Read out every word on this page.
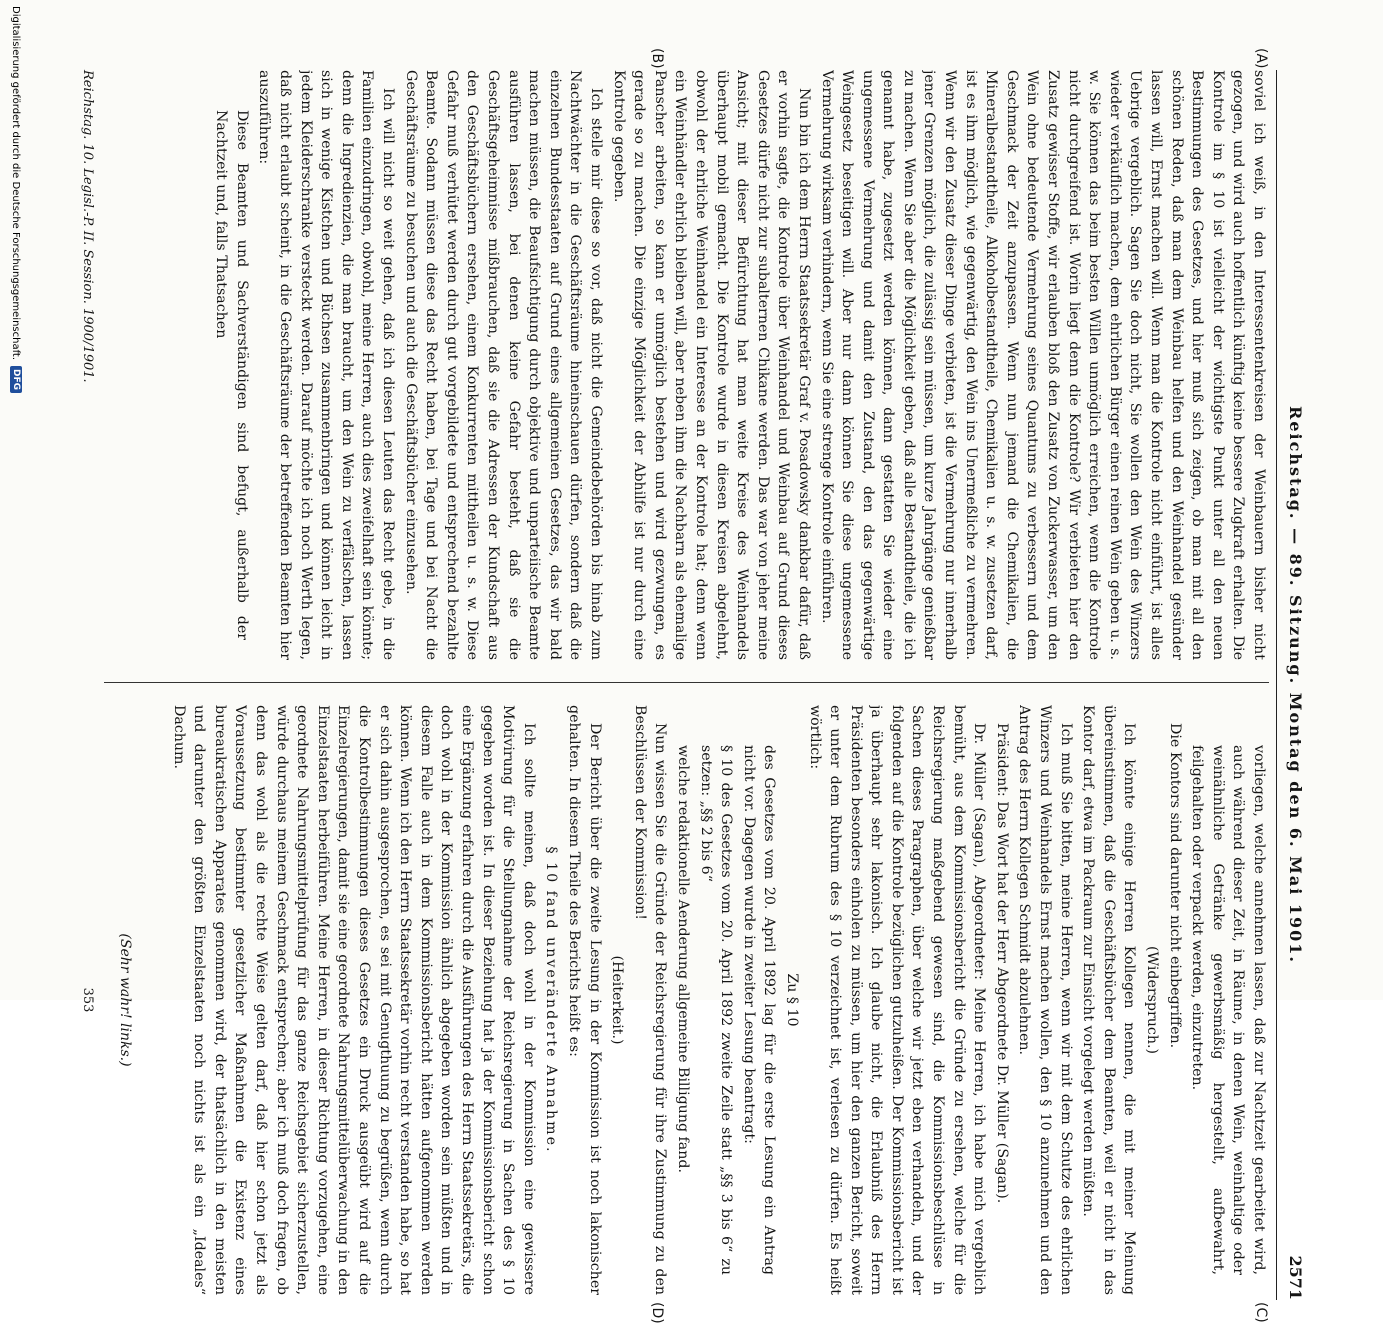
Reichstag. — 89. Sitzung. Montag den 6. Mai 1901.
2571
(A)
(B)
(C)
(D)

soviel ich weiß, in den Interessentenkreisen der Weinbauern bisher nicht gezogen, und wird auch hoffentlich künftig keine bessere Zugkraft erhalten. Die Kontrole im § 10 ist vielleicht der wichtigste Punkt unter all den neuen Bestimmungen des Gesetzes, und hier muß sich zeigen, ob man mit all den schönen Reden, daß man dem Weinbau helfen und den Weinhandel gesünder lassen will, Ernst machen will. Wenn man die Kontrole nicht einführt, ist alles Uebrige vergeblich. Sagen Sie doch nicht, Sie wollen den Wein des Winzers wieder verkäuflich machen, dem ehrlichen Bürger einen reinen Wein geben u. s. w. Sie können das beim besten Willen unmöglich erreichen, wenn die Kontrole nicht durchgreifend ist. Worin liegt denn die Kontrole? Wir verbieten hier den Zusatz gewisser Stoffe, wir erlauben bloß den Zusatz von Zuckerwasser, um den Wein ohne bedeutende Vermehrung seines Quantums zu verbessern und dem Geschmack der Zeit anzupassen. Wenn nun jemand die Chemikalien, die Mineralbestandtheile, Alkoholbestandtheile, Chemikalien u. s. w. zusetzen darf, ist es ihm möglich, wie gegenwärtig, den Wein ins Unermeßliche zu vermehren. Wenn wir den Zusatz dieser Dinge verbieten, ist die Vermehrung nur innerhalb jener Grenzen möglich, die zulässig sein müssen, um kurze Jahrgänge genießbar zu machen. Wenn Sie aber die Möglichkeit geben, daß alle Bestandtheile, die ich genannt habe, zugesetzt werden können, dann gestatten Sie wieder eine ungemessene Vermehrung und damit den Zustand, den das gegenwärtige Weingesetz beseitigen will. Aber nur dann können Sie diese ungemessene Vermehrung wirksam verhindern, wenn Sie eine strenge Kontrole einführen.

Nun bin ich dem Herrn Staatssekretär Graf v. Posadowsky dankbar dafür, daß er vorhin sagte, die Kontrole über Weinhandel und Weinbau auf Grund dieses Gesetzes dürfe nicht zur subalternen Chikane werden. Das war von jeher meine Ansicht; mit dieser Befürchtung hat man weite Kreise des Weinhandels überhaupt mobil gemacht. Die Kontrole wurde in diesen Kreisen abgelehnt, obwohl der ehrliche Weinhandel ein Interesse an der Kontrole hat; denn wenn ein Weinhändler ehrlich bleiben will, aber neben ihm die Nachbarn als ehemalige Panscher arbeiten, so kann er unmöglich bestehen und wird gezwungen, es gerade so zu machen. Die einzige Möglichkeit der Abhilfe ist nur durch eine Kontrole gegeben.

Ich stelle mir diese so vor, daß nicht die Gemeindebehörden bis hinab zum Nachtwächter in die Geschäftsräume hineinschauen dürfen, sondern daß die einzelnen Bundesstaaten auf Grund eines allgemeinen Gesetzes, das wir bald machen müssen, die Beaufsichtigung durch objektive und unparteiische Beamte ausführen lassen, bei denen keine Gefahr besteht, daß sie die Geschäftsgeheimnisse mißbrauchen, daß sie die Adressen der Kundschaft aus den Geschäftsbüchern ersehen, einem Konkurrenten mittheilen u. s. w. Diese Gefahr muß verhütet werden durch gut vorgebildete und entsprechend bezahlte Beamte. Sodann müssen diese das Recht haben, bei Tage und bei Nacht die Geschäftsräume zu besuchen und auch die Geschäftsbücher einzusehen.

Ich will nicht so weit gehen, daß ich diesen Leuten das Recht gebe, in die Familien einzudringen, obwohl, meine Herren, auch dies zweifelhaft sein könnte; denn die Ingredienzien, die man braucht, um den Wein zu verfälschen, lassen sich in wenige Kistchen und Büchsen zusammenbringen und können leicht in jedem Kleiderschranke versteckt werden. Darauf möchte ich noch Werth legen, daß nicht erlaubt scheint, in die Geschäftsräume der betreffenden Beamten hier auszuführen:

Diese Beamten und Sachverständigen sind befugt, außerhalb der Nachtzeit und, falls Thatsachen

vorliegen, welche annehmen lassen, daß zur Nachtzeit gearbeitet wird, auch während dieser Zeit, in Räume, in denen Wein, weinhaltige oder weinähnliche Getränke gewerbsmäßig hergestellt, aufbewahrt, feilgehalten oder verpackt werden, einzutreten.

Die Kontors sind darunter nicht einbegriffen.

(Widerspruch.)

Ich könnte einige Herren Kollegen nennen, die mit meiner Meinung übereinstimmen, daß die Geschäftsbücher dem Beamten, weil er nicht in das Kontor darf, etwa im Packraum zur Einsicht vorgelegt werden müßten.

Ich muß Sie bitten, meine Herren, wenn wir mit dem Schutze des ehrlichen Winzers und Weinhandels Ernst machen wollen, den § 10 anzunehmen und den Antrag des Herrn Kollegen Schmidt abzulehnen.

Präsident: Das Wort hat der Herr Abgeordnete Dr. Müller (Sagan).

Dr. Müller (Sagan), Abgeordneter: Meine Herren, ich habe mich vergeblich bemüht, aus dem Kommissionsbericht die Gründe zu ersehen, welche für die Reichsregierung maßgebend gewesen sind, die Kommissionsbeschlüsse in Sachen dieses Paragraphen, über welche wir jetzt eben verhandeln, und der folgenden auf die Kontrole bezüglichen gutzuheißen. Der Kommissionsbericht ist ja überhaupt sehr lakonisch. Ich glaube nicht, die Erlaubniß des Herrn Präsidenten besonders einholen zu müssen, um hier den ganzen Bericht, soweit er unter dem Rubrum des § 10 verzeichnet ist, verlesen zu dürfen. Es heißt wörtlich:

Zu § 10

des Gesetzes vom 20. April 1892 lag für die erste Lesung ein Antrag nicht vor. Dagegen wurde in zweiter Lesung beantragt:

§ 10 des Gesetzes vom 20. April 1892 zweite Zeile statt „§§ 3 bis 6“ zu setzen: „§§ 2 bis 6“

welche redaktionelle Aenderung allgemeine Billigung fand.

Nun wissen Sie die Gründe der Reichsregierung für ihre Zustimmung zu den Beschlüssen der Kommission!

(Heiterkeit.)

Der Bericht über die zweite Lesung in der Kommission ist noch lakonischer gehalten. In diesem Theile des Berichts heißt es:

§ 10 fand unveränderte Annahme.

Ich sollte meinen, daß doch wohl in der Kommission eine gewissere Motivirung für die Stellungnahme der Reichsregierung in Sachen des § 10 gegeben worden ist. In dieser Beziehung hat ja der Kommissionsbericht schon eine Ergänzung erfahren durch die Ausführungen des Herrn Staatssekretärs, die doch wohl in der Kommission ähnlich abgegeben worden sein müßten und in diesem Falle auch in dem Kommissionsbericht hätten aufgenommen werden können. Wenn ich den Herrn Staatssekretär vorhin recht verstanden habe, so hat er sich dahin ausgesprochen, es sei mit Genugthuung zu begrüßen, wenn durch die Kontrolbestimmungen dieses Gesetzes ein Druck ausgeübt wird auf die Einzelregierungen, damit sie eine geordnete Nahrungsmittelüberwachung in den Einzelstaaten herbeiführen. Meine Herren, in dieser Richtung vorzugehen, eine geordnete Nahrungsmittelprüfung für das ganze Reichsgebiet sicherzustellen, würde durchaus meinem Geschmack entsprechen; aber ich muß doch fragen, ob denn das wohl als die rechte Weise gelten darf, daß hier schon jetzt als Voraussetzung bestimmter gesetzlicher Maßnahmen die Existenz eines bureaukratischen Apparates genommen wird, der thatsächlich in den meisten und darunter den größten Einzelstaaten noch nichts ist als ein „Ideales“ Dachum.

(Sehr wahr! links.)
Reichstag. 10. Legisl.-P. II. Session. 1900/1901.
353
Digitalisierung gefördert durch die Deutsche Forschungsgemeinschaft.
DFG
